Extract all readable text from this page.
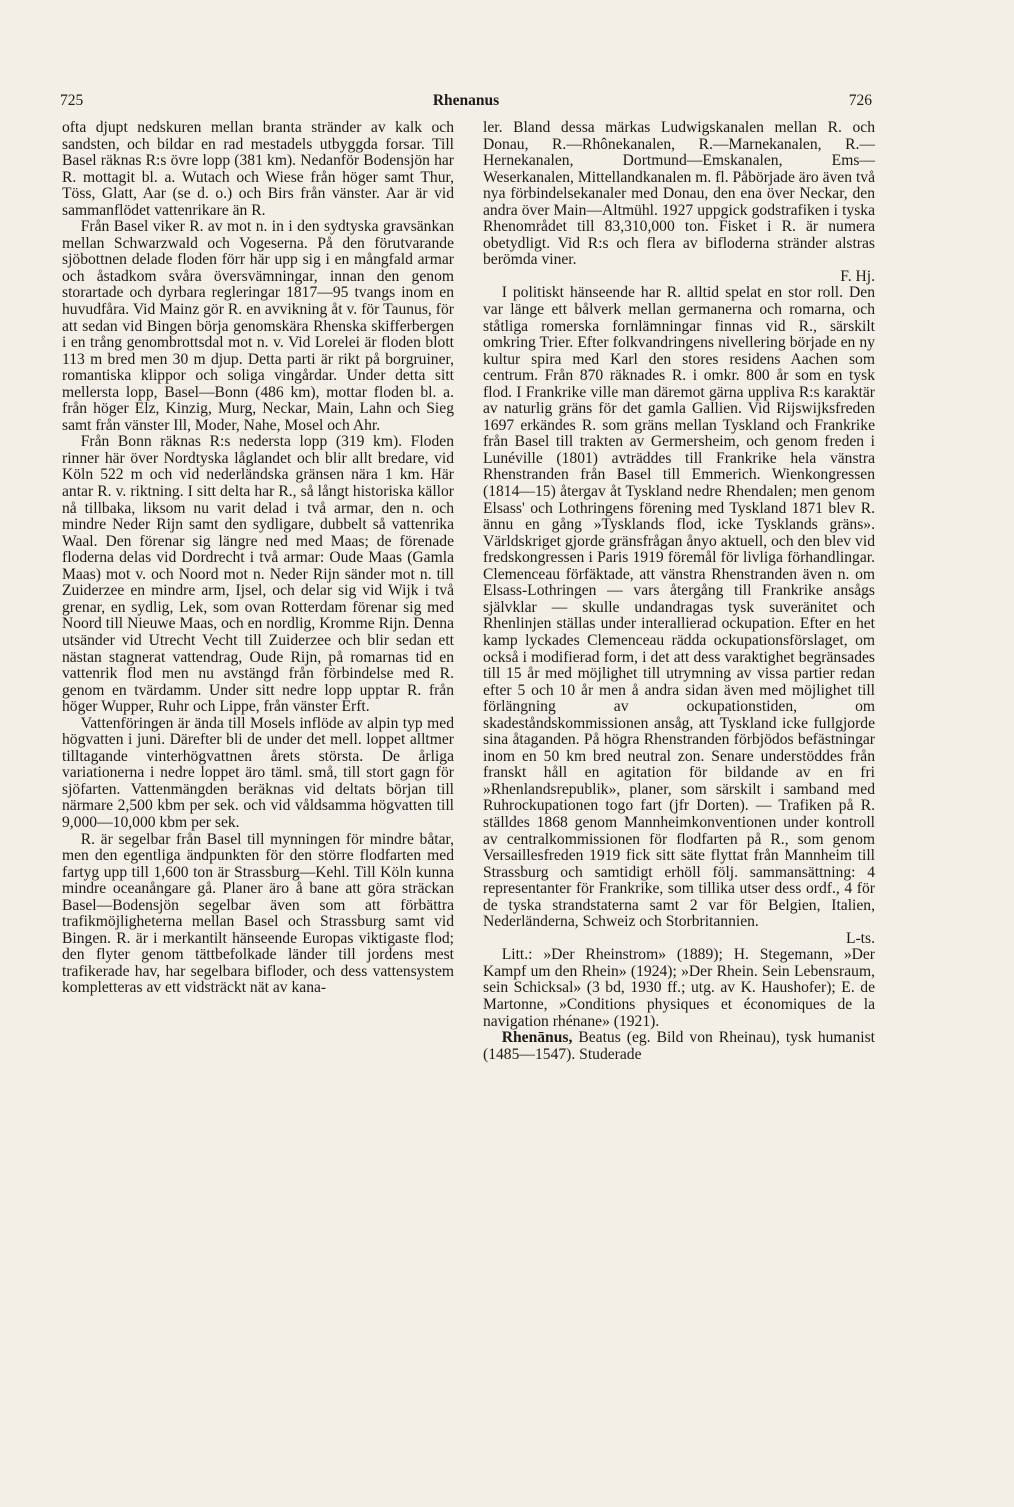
725	Rhenanus	726

ofta djupt nedskuren mellan branta stränder av kalk och sandsten, och bildar en rad mestadels utbyggda forsar. Till Basel räknas R:s övre lopp (381 km). Nedanför Bodensjön har R. mottagit bl. a. Wutach och Wiese från höger samt Thur, Töss, Glatt, Aar (se d. o.) och Birs från vänster. Aar är vid sammanflödet vattenrikare än R.

Från Basel viker R. av mot n. in i den sydtyska gravsänkan mellan Schwarzwald och Vogeserna. På den förutvarande sjöbottnen delade floden förr här upp sig i en mångfald armar och åstadkom svåra översvämningar, innan den genom storartade och dyrbara regleringar 1817—95 tvangs inom en huvudfåra. Vid Mainz gör R. en avvikning åt v. för Taunus, för att sedan vid Bingen börja genomskära Rhenska skifferbergen i en trång genombrottsdal mot n. v. Vid Lorelei är floden blott 113 m bred men 30 m djup. Detta parti är rikt på borgruiner, romantiska klippor och soliga vingårdar. Under detta sitt mellersta lopp, Basel—Bonn (486 km), mottar floden bl. a. från höger Elz, Kinzig, Murg, Neckar, Main, Lahn och Sieg samt från vänster Ill, Moder, Nahe, Mosel och Ahr.

Från Bonn räknas R:s nedersta lopp (319 km). Floden rinner här över Nordtyska låglandet och blir allt bredare, vid Köln 522 m och vid nederländska gränsen nära 1 km. Här antar R. v. riktning. I sitt delta har R., så långt historiska källor nå tillbaka, liksom nu varit delad i två armar, den n. och mindre Neder Rijn samt den sydligare, dubbelt så vattenrika Waal. Den förenar sig längre ned med Maas; de förenade floderna delas vid Dordrecht i två armar: Oude Maas (Gamla Maas) mot v. och Noord mot n. Neder Rijn sänder mot n. till Zuiderzee en mindre arm, Ijsel, och delar sig vid Wijk i två grenar, en sydlig, Lek, som ovan Rotterdam förenar sig med Noord till Nieuwe Maas, och en nordlig, Kromme Rijn. Denna utsänder vid Utrecht Vecht till Zuiderzee och blir sedan ett nästan stagnerat vattendrag, Oude Rijn, på romarnas tid en vattenrik flod men nu avstängd från förbindelse med R. genom en tvärdamm. Under sitt nedre lopp upptar R. från höger Wupper, Ruhr och Lippe, från vänster Erft.

Vattenföringen är ända till Mosels inflöde av alpin typ med högvatten i juni. Därefter bli de under det mell. loppet alltmer tilltagande vinterhögvattnen årets största. De årliga variationerna i nedre loppet äro täml. små, till stort gagn för sjöfarten. Vattenmängden beräknas vid deltats början till närmare 2,500 kbm per sek. och vid våldsamma högvatten till 9,000—10,000 kbm per sek.

R. är segelbar från Basel till mynningen för mindre båtar, men den egentliga ändpunkten för den större flodfarten med fartyg upp till 1,600 ton är Strassburg—Kehl. Till Köln kunna mindre oceanångare gå. Planer äro å bane att göra sträckan Basel—Bodensjön segelbar även som att förbättra trafikmöjligheterna mellan Basel och Strassburg samt vid Bingen. R. är i merkantilt hänseende Europas viktigaste flod; den flyter genom tättbefolkade länder till jordens mest trafikerade hav, har segelbara bifloder, och dess vattensystem kompletteras av ett vidsträckt nät av kana-

ler. Bland dessa märkas Ludwigskanalen mellan R. och Donau, R.—Rhônekanalen, R.—Marnekanalen, R.—Hernekanalen, Dortmund—Emskanalen, Ems—Weserkanalen, Mittellandkanalen m. fl. Påbörjade äro även två nya förbindelsekanaler med Donau, den ena över Neckar, den andra över Main—Altmühl. 1927 uppgick godstrafiken i tyska Rhenområdet till 83,310,000 ton. Fisket i R. är numera obetydligt. Vid R:s och flera av bifloderna stränder alstras berömda viner.
F. Hj.

I politiskt hänseende har R. alltid spelat en stor roll. Den var länge ett bålverk mellan germanerna och romarna, och ståtliga romerska fornlämningar finnas vid R., särskilt omkring Trier. Efter folkvandringens nivellering började en ny kultur spira med Karl den stores residens Aachen som centrum. Från 870 räknades R. i omkr. 800 år som en tysk flod. I Frankrike ville man däremot gärna uppliva R:s karaktär av naturlig gräns för det gamla Gallien. Vid Rijswijksfreden 1697 erkändes R. som gräns mellan Tyskland och Frankrike från Basel till trakten av Germersheim, och genom freden i Lunéville (1801) avträddes till Frankrike hela vänstra Rhenstranden från Basel till Emmerich. Wienkongressen (1814—15) återgav åt Tyskland nedre Rhendalen; men genom Elsass' och Lothringens förening med Tyskland 1871 blev R. ännu en gång »Tysklands flod, icke Tysklands gräns». Världskriget gjorde gränsfrågan ånyo aktuell, och den blev vid fredskongressen i Paris 1919 föremål för livliga förhandlingar. Clemenceau förfäktade, att vänstra Rhenstranden även n. om Elsass-Lothringen — vars återgång till Frankrike ansågs självklar — skulle undandragas tysk suveränitet och Rhenlinjen ställas under interallierad ockupation. Efter en het kamp lyckades Clemenceau rädda ockupationsförslaget, om också i modifierad form, i det att dess varaktighet begränsades till 15 år med möjlighet till utrymning av vissa partier redan efter 5 och 10 år men å andra sidan även med möjlighet till förlängning av ockupationstiden, om skadeståndskommissionen ansåg, att Tyskland icke fullgjorde sina åtaganden. På högra Rhenstranden förbjödos befästningar inom en 50 km bred neutral zon. Senare understöddes från franskt håll en agitation för bildande av en fri »Rhenlandsrepublik», planer, som särskilt i samband med Ruhrockupationen togo fart (jfr Dorten). — Trafiken på R. ställdes 1868 genom Mannheimkonventionen under kontroll av centralkommissionen för flodfarten på R., som genom Versaillesfreden 1919 fick sitt säte flyttat från Mannheim till Strassburg och samtidigt erhöll följ. sammansättning: 4 representanter för Frankrike, som tillika utser dess ordf., 4 för de tyska strandstaterna samt 2 var för Belgien, Italien, Nederländerna, Schweiz och Storbritannien.
L-ts.

Litt.: »Der Rheinstrom» (1889); H. Stegemann, »Der Kampf um den Rhein» (1924); »Der Rhein. Sein Lebensraum, sein Schicksal» (3 bd, 1930 ff.; utg. av K. Haushofer); E. de Martonne, »Conditions physiques et économiques de la navigation rhénane» (1921).

Rhenānus, Beatus (eg. Bild von Rheinau), tysk humanist (1485—1547). Studerade
